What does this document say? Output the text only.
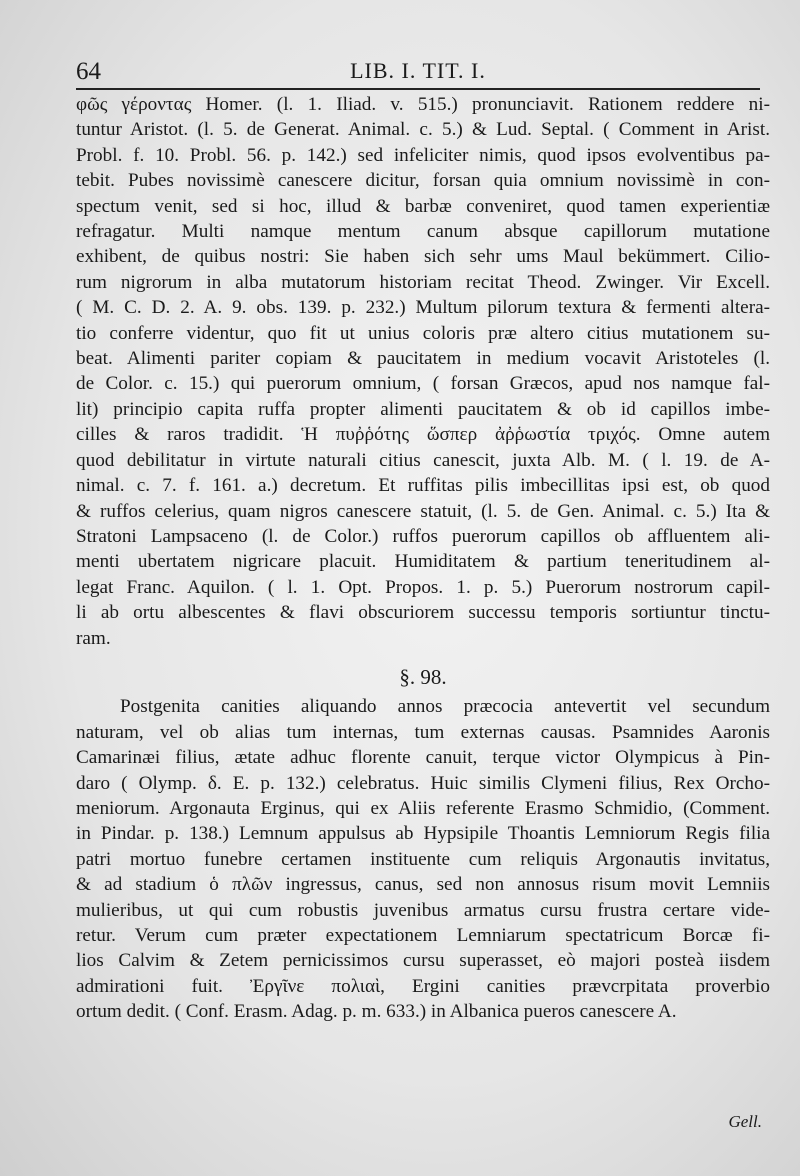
64	LIB. I. TIT. I.
φῶς γέροντας Homer. (l. 1. Iliad. v. 515.) pronunciavit. Rationem reddere ni-
tuntur Aristot. (l. 5. de Generat. Animal. c. 5.) & Lud. Septal. ( Comment in Arist.
Probl. f. 10. Probl. 56. p. 142.) sed infeliciter nimis, quod ipsos evolventibus pa-
tebit. Pubes novissimè canescere dicitur, forsan quia omnium novissimè in con-
spectum venit, sed si hoc, illud & barbæ conveniret, quod tamen experientiæ
refragatur. Multi namque mentum canum absque capillorum mutatione
exhibent, de quibus nostri: Sie haben sich sehr ums Maul bekümmert. Cilio-
rum nigrorum in alba mutatorum historiam recitat Theod. Zwinger. Vir Excell.
( M. C. D. 2. A. 9. obs. 139. p. 232.) Multum pilorum textura & fermenti altera-
tio conferre videntur, quo fit ut unius coloris præ altero citius mutationem su-
beat. Alimenti pariter copiam & paucitatem in medium vocavit Aristoteles (l.
de Color. c. 15.) qui puerorum omnium, ( forsan Græcos, apud nos namque fal-
lit) principio capita ruffa propter alimenti paucitatem & ob id capillos imbe-
cilles & raros tradidit. Ἡ πυῤῥότης ὥσπερ ἀῤῥωστία τριχός. Omne autem
quod debilitatur in virtute naturali citius canescit, juxta Alb. M. ( l. 19. de A-
nimal. c. 7. f. 161. a.) decretum. Et ruffitas pilis imbecillitas ipsi est, ob quod
& ruffos celerius, quam nigros canescere statuit, (l. 5. de Gen. Animal. c. 5.) Ita &
Stratoni Lampsaceno (l. de Color.) ruffos puerorum capillos ob affluentem ali-
menti ubertatem nigricare placuit. Humiditatem & partium teneritudinem al-
legat Franc. Aquilon. ( l. 1. Opt. Propos. 1. p. 5.) Puerorum nostrorum capil-
li ab ortu albescentes & flavi obscuriorem successu temporis sortiuntur tinctu-
ram.
§. 98.
Postgenita canities aliquando annos præcocia antevertit vel secundum
naturam, vel ob alias tum internas, tum externas causas. Psamnides Aaronis
Camarinæi filius, ætate adhuc florente canuit, terque victor Olympicus à Pin-
daro ( Olymp. δ. E. p. 132.) celebratus. Huic similis Clymeni filius, Rex Orcho-
meniorum. Argonauta Erginus, qui ex Aliis referente Erasmo Schmidio, (Comment.
in Pindar. p. 138.) Lemnum appulsus ab Hypsipile Thoantis Lemniorum Regis filia
patri mortuo funebre certamen instituente cum reliquis Argonautis invitatus,
& ad stadium ὁ πλῶν ingressus, canus, sed non annosus risum movit Lemniis
mulieribus, ut qui cum robustis juvenibus armatus cursu frustra certare vide-
retur. Verum cum præter expectationem Lemniarum spectatricum Borcæ fi-
lios Calvim & Zetem pernicissimos cursu superasset, eò majori posteà iisdem
admirationi fuit. Ἐργῖνε πολιαὶ, Ergini canities prævcrpitata proverbio
ortum dedit. ( Conf. Erasm. Adag. p. m. 633.) in Albanica pueros canescere A.
Gell.
